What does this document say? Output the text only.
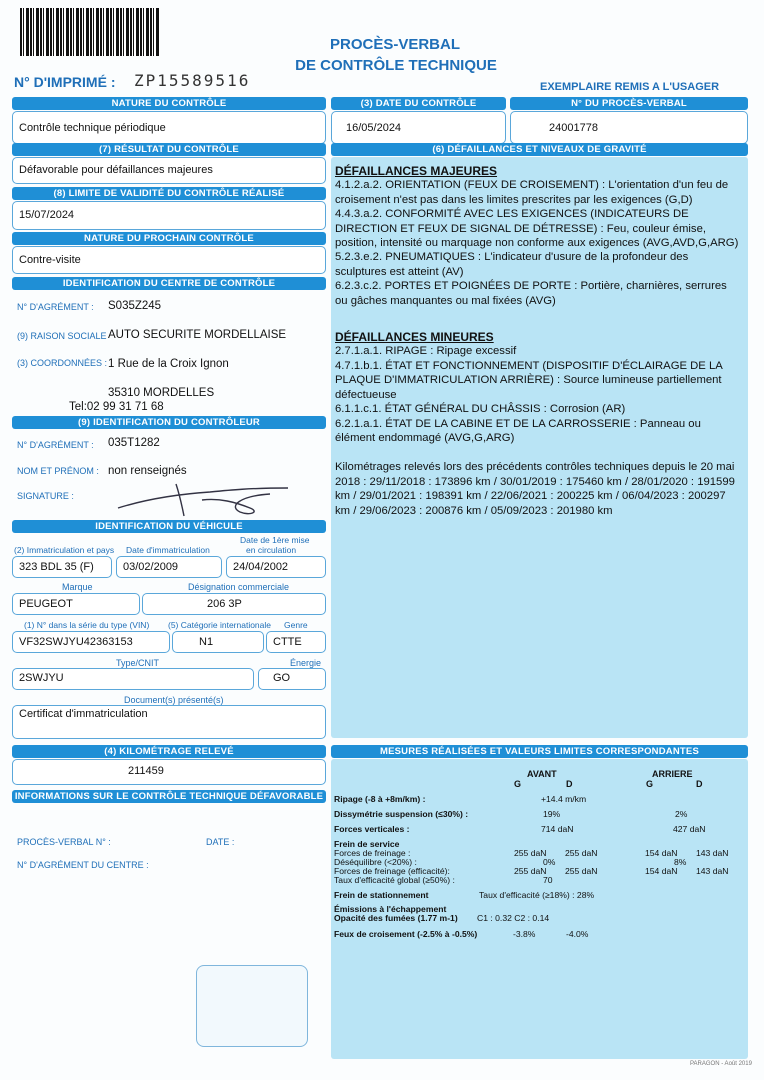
PROCÈS-VERBAL
DE CONTRÔLE TECHNIQUE
N° D'IMPRIMÉ : ZP15589516	EXEMPLAIRE REMIS A L'USAGER
NATURE DU CONTRÔLE
Contrôle technique périodique
(3) DATE DU CONTRÔLE
16/05/2024
N° DU PROCÈS-VERBAL
24001778
(7) RÉSULTAT DU CONTRÔLE
Défavorable pour défaillances majeures
(8) LIMITE DE VALIDITÉ DU CONTRÔLE RÉALISÉ
15/07/2024
NATURE DU PROCHAIN CONTRÔLE
Contre-visite
IDENTIFICATION DU CENTRE DE CONTRÔLE
N° D'AGRÉMENT : S035Z245
(9) RAISON SOCIALE AUTO SECURITE MORDELLAISE
(3) COORDONNÉES : 1 Rue de la Croix Ignon
35310 MORDELLES
Tel:02 99 31 71 68
(9) IDENTIFICATION DU CONTRÔLEUR
N° D'AGRÉMENT : 035T1282
NOM ET PRÉNOM : non renseignés
SIGNATURE :
IDENTIFICATION DU VÉHICULE
(2) Immatriculation et pays Date d'immatriculation
Date de 1ère mise
en circulation
323 BDL 35 (F)	03/02/2009	24/04/2002
Marque	Désignation commerciale
PEUGEOT	206 3P
(1) N° dans la série du type (VIN) (5) Catégorie internationale Genre
VF32SWJYU42363153	N1	CTTE
Type/CNIT	Énergie
2SWJYU	GO
Document(s) présenté(s)
Certificat d'immatriculation
(4) KILOMÉTRAGE RELEVÉ
211459
INFORMATIONS SUR LE CONTRÔLE TECHNIQUE DÉFAVORABLE
PROCÈS-VERBAL N° :	DATE :
N° D'AGRÉMENT DU CENTRE :
(6) DÉFAILLANCES ET NIVEAUX DE GRAVITÉ
DÉFAILLANCES MAJEURES
4.1.2.a.2. ORIENTATION (FEUX DE CROISEMENT) : L'orientation d'un feu de croisement n'est pas dans les limites prescrites par les exigences (G,D)
4.4.3.a.2. CONFORMITÉ AVEC LES EXIGENCES (INDICATEURS DE DIRECTION ET FEUX DE SIGNAL DE DÉTRESSE) : Feu, couleur émise, position, intensité ou marquage non conforme aux exigences (AVG,AVD,G,ARG)
5.2.3.e.2. PNEUMATIQUES : L'indicateur d'usure de la profondeur des sculptures est atteint (AV)
6.2.3.c.2. PORTES ET POIGNÉES DE PORTE : Portière, charnières, serrures ou gâches manquantes ou mal fixées (AVG)
DÉFAILLANCES MINEURES
2.7.1.a.1. RIPAGE : Ripage excessif
4.7.1.b.1. ÉTAT ET FONCTIONNEMENT (DISPOSITIF D'ÉCLAIRAGE DE LA PLAQUE D'IMMATRICULATION ARRIÈRE) : Source lumineuse partiellement défectueuse
6.1.1.c.1. ÉTAT GÉNÉRAL DU CHÂSSIS : Corrosion (AR)
6.2.1.a.1. ÉTAT DE LA CABINE ET DE LA CARROSSERIE : Panneau ou élément endommagé (AVG,G,ARG)
Kilométrages relevés lors des précédents contrôles techniques depuis le 20 mai 2018 : 29/11/2018 : 173896 km / 30/01/2019 : 175460 km / 28/01/2020 : 191599 km / 29/01/2021 : 198391 km / 22/06/2021 : 200225 km / 06/04/2023 : 200297 km / 29/06/2023 : 200876 km / 05/09/2023 : 201980 km
MESURES RÉALISÉES ET VALEURS LIMITES CORRESPONDANTES
AVANT	ARRIERE
G	D	G	D
Ripage (-8 à +8m/km) :	+14.4 m/km
Dissymétrie suspension (≤30%) :	19%	2%
Forces verticales :	714 daN	427 daN
Frein de service
Forces de freinage :	255 daN 255 daN	154 daN 143 daN
Déséquilibre (<20%) :	0%	8%
Forces de freinage (efficacité):	255 daN 255 daN	154 daN 143 daN
Taux d'efficacité global (≥50%) :	70
Frein de stationnement	Taux d'efficacité (≥18%) : 28%
Émissions à l'échappement
Opacité des fumées (1.77 m-1) C1 : 0.32 C2 : 0.14
Feux de croisement (-2.5% à -0.5%)	-3.8%	-4.0%
PARAGON - Août 2019
